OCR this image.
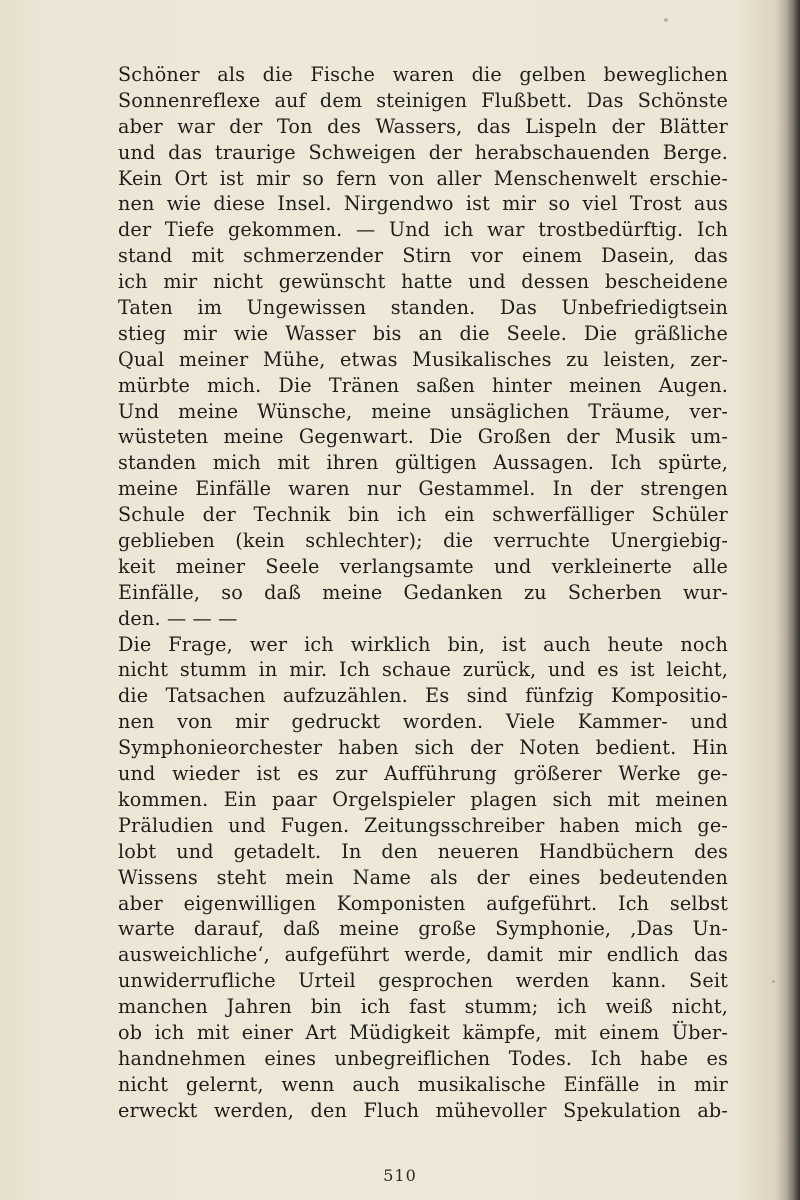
Schöner als die Fische waren die gelben beweglichen
Sonnenreflexe auf dem steinigen Flußbett. Das Schönste
aber war der Ton des Wassers, das Lispeln der Blätter
und das traurige Schweigen der herabschauenden Berge.
Kein Ort ist mir so fern von aller Menschenwelt erschie-
nen wie diese Insel. Nirgendwo ist mir so viel Trost aus
der Tiefe gekommen. — Und ich war trostbedürftig. Ich
stand mit schmerzender Stirn vor einem Dasein, das
ich mir nicht gewünscht hatte und dessen bescheidene
Taten im Ungewissen standen. Das Unbefriedigtsein
stieg mir wie Wasser bis an die Seele. Die gräßliche
Qual meiner Mühe, etwas Musikalisches zu leisten, zer-
mürbte mich. Die Tränen saßen hinter meinen Augen.
Und meine Wünsche, meine unsäglichen Träume, ver-
wüsteten meine Gegenwart. Die Großen der Musik um-
standen mich mit ihren gültigen Aussagen. Ich spürte,
meine Einfälle waren nur Gestammel. In der strengen
Schule der Technik bin ich ein schwerfälliger Schüler
geblieben (kein schlechter); die verruchte Unergiebig-
keit meiner Seele verlangsamte und verkleinerte alle
Einfälle, so daß meine Gedanken zu Scherben wur-
den. — — —
Die Frage, wer ich wirklich bin, ist auch heute noch
nicht stumm in mir. Ich schaue zurück, und es ist leicht,
die Tatsachen aufzuzählen. Es sind fünfzig Kompositio-
nen von mir gedruckt worden. Viele Kammer- und
Symphonieorchester haben sich der Noten bedient. Hin
und wieder ist es zur Aufführung größerer Werke ge-
kommen. Ein paar Orgelspieler plagen sich mit meinen
Präludien und Fugen. Zeitungsschreiber haben mich ge-
lobt und getadelt. In den neueren Handbüchern des
Wissens steht mein Name als der eines bedeutenden
aber eigenwilligen Komponisten aufgeführt. Ich selbst
warte darauf, daß meine große Symphonie, ‚Das Un-
ausweichliche‘, aufgeführt werde, damit mir endlich das
unwiderrufliche Urteil gesprochen werden kann. Seit
manchen Jahren bin ich fast stumm; ich weiß nicht,
ob ich mit einer Art Müdigkeit kämpfe, mit einem Über-
handnehmen eines unbegreiflichen Todes. Ich habe es
nicht gelernt, wenn auch musikalische Einfälle in mir
erweckt werden, den Fluch mühevoller Spekulation ab-
510
